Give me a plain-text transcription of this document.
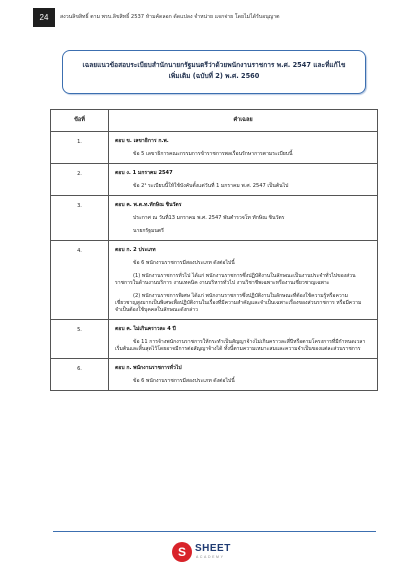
24	สงวนลิขสิทธิ์ ตาม พรบ.ลิขสิทธิ์ 2537 ห้ามคัดลอก ดัดแปลง จำหน่าย แจกจ่าย โดยไม่ได้รับอนุญาต
เฉลยแนวข้อสอบระเบียบสำนักนายกรัฐมนตรีว่าด้วยพนักงานราชการ พ.ศ. 2547 และที่แก้ไข
เพิ่มเติม (ฉบับที่ 2) พ.ศ. 2560
ข้อที่	คำเฉลย
1.	ตอบ ข. เลขาธิการ ก.พ.

ข้อ 5 เลขาธิการคณะกรรมการข้าราชการพลเรือนรักษาการตามระเบียบนี้

2.	ตอบ ง. 1 มกราคม 2547

ข้อ 2¹ ระเบียบนี้ให้ใช้บังคับตั้งแต่วันที่ 1 มกราคม พ.ศ. 2547 เป็นต้นไป

3.	ตอบ ค. พ.ต.ท.ทักษิณ ชินวัตร

ประกาศ ณ วันที่13 มกราคม พ.ศ. 2547 พันตำรวจโท ทักษิณ ชินวัตร

นายกรัฐมนตรี

4.	ตอบ ก. 2 ประเภท

ข้อ 6 พนักงานราชการมีสองประเภท ดังต่อไปนี้

(1) พนักงานราชการทั่วไป ได้แก่ พนักงานราชการซึ่งปฏิบัติงานในลักษณะเป็นงานประจำทั่วไปของส่วนราชการในด้านงานบริการ งานเทคนิค งานบริหารทั่วไป งานวิชาชีพเฉพาะหรืองานเชี่ยวชาญเฉพาะ

(2) พนักงานราชการพิเศษ ได้แก่ พนักงานราชการซึ่งปฏิบัติงานในลักษณะที่ต้องใช้ความรู้หรือความเชี่ยวชาญสูงมากเป็นพิเศษเพื่อปฏิบัติงานในเรื่องที่มีความสำคัญและจำเป็นเฉพาะเรื่องของส่วนราชการ หรือมีความจำเป็นต้องใช้บุคคลในลักษณะดังกล่าว

5.	ตอบ ค. ไม่เกินคราวละ 4 ปี

ข้อ 11 การจ้างพนักงานราชการให้กระทำเป็นสัญญาจ้างไม่เกินคราวละสี่ปีหรือตามโครงการที่มีกำหนดเวลาเริ่มต้นและสิ้นสุดไว้โดยอาจมีการต่อสัญญาจ้างได้ ทั้งนี้ตามความเหมาะสมและความจำเป็นของแต่ละส่วนราชการ

6.	ตอบ ก. พนักงานราชการทั่วไป

ข้อ 6 พนักงานราชการมีสองประเภท ดังต่อไปนี้

S SHEET
ACADEMY
